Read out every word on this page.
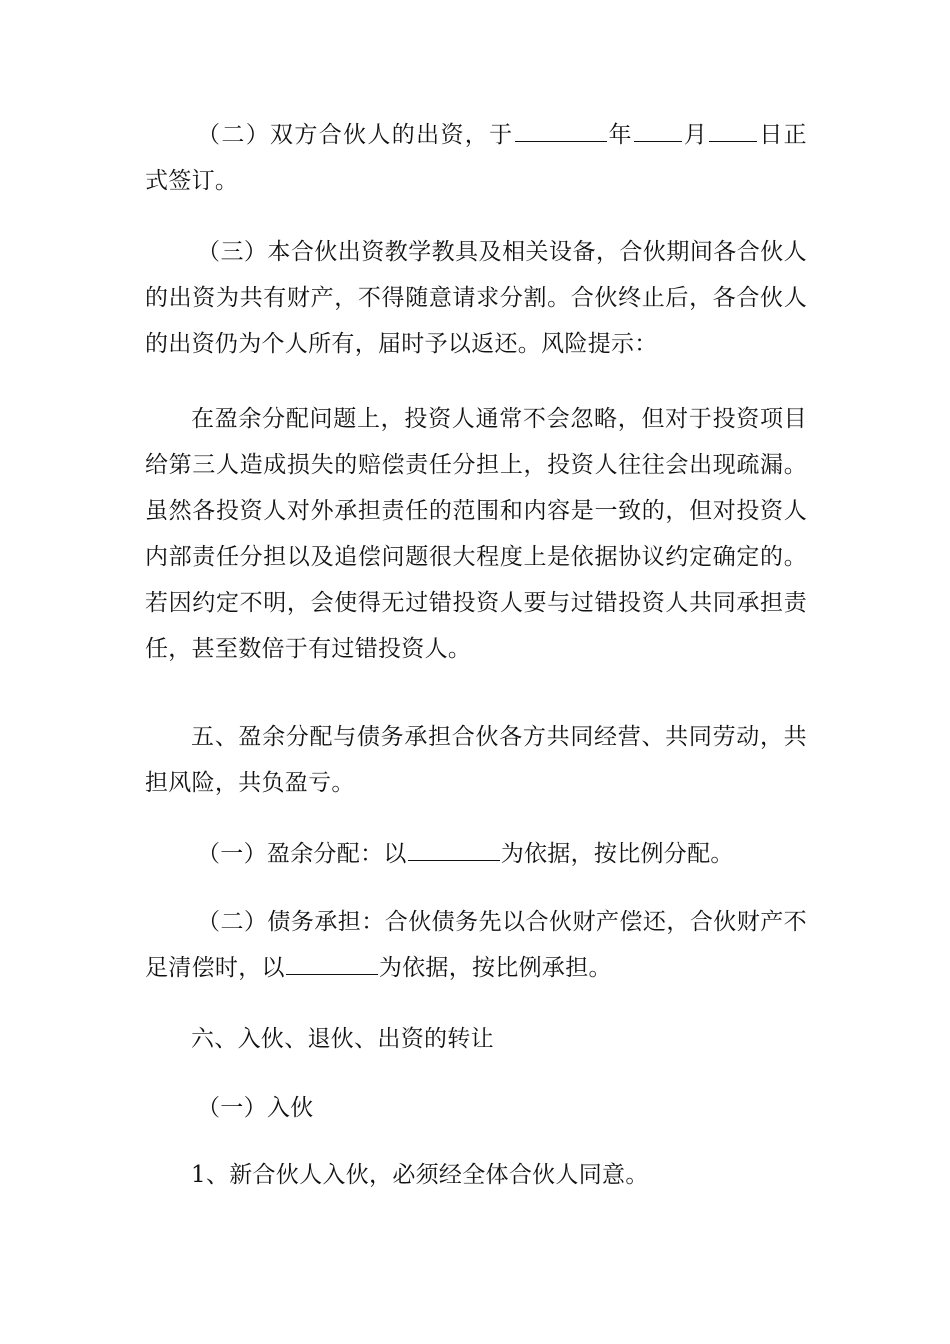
（二）双方合伙人的出资，于	年 月 日正式签订。

（三）本合伙出资教学教具及相关设备，合伙期间各合伙人的出资为共有财产，不得随意请求分割。合伙终止后，各合伙人的出资仍为个人所有，届时予以返还。风险提示：

在盈余分配问题上，投资人通常不会忽略，但对于投资项目给第三人造成损失的赔偿责任分担上，投资人往往会出现疏漏。虽然各投资人对外承担责任的范围和内容是一致的，但对投资人内部责任分担以及追偿问题很大程度上是依据协议约定确定的。若因约定不明，会使得无过错投资人要与过错投资人共同承担责任，甚至数倍于有过错投资人。

五、盈余分配与债务承担合伙各方共同经营、共同劳动，共担风险，共负盈亏。

（一）盈余分配：以	为依据，按比例分配。

（二）债务承担：合伙债务先以合伙财产偿还，合伙财产不足清偿时，以	为依据，按比例承担。

六、入伙、退伙、出资的转让

（一）入伙

1、新合伙人入伙，必须经全体合伙人同意。
